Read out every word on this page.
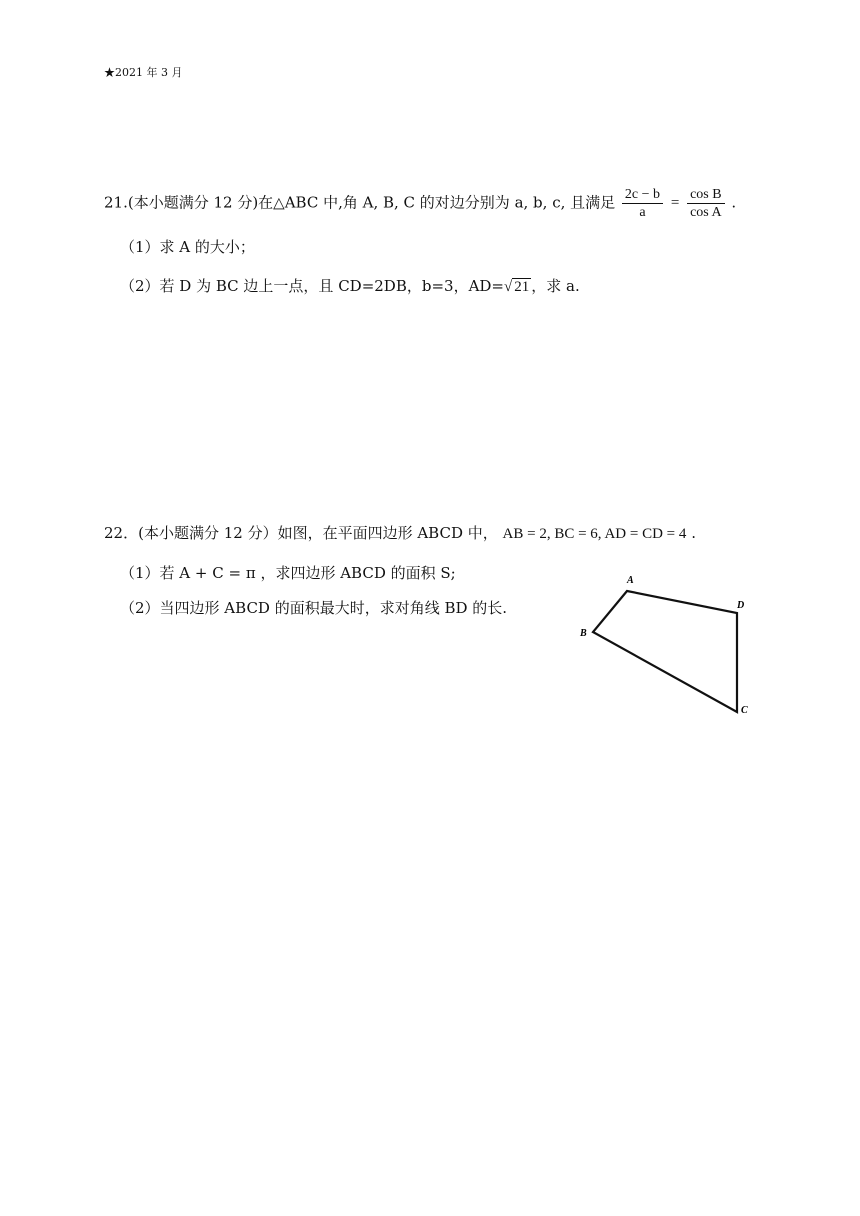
★2021 年 3 月
21.(本小题满分 12 分)在△ABC 中,角 A, B, C 的对边分别为 a, b, c, 且满足 $\frac{2c - b}{a} = \frac{\text{cos B}}{\text{cos A}}$ .
（1）求 A 的大小；
（2）若 D 为 BC 边上一点，且 CD=2DB，b=3，AD=√ 21 ，求 a.
22．(本小题满分 12 分）如图，在平面四边形 ABCD 中， AB = 2, BC = 6, AD = CD = 4 .
（1）若 A + C = π ，求四边形 ABCD 的面积 S;
（2）当四边形 ABCD 的面积最大时，求对角线 BD 的长.
A
D
B
C
